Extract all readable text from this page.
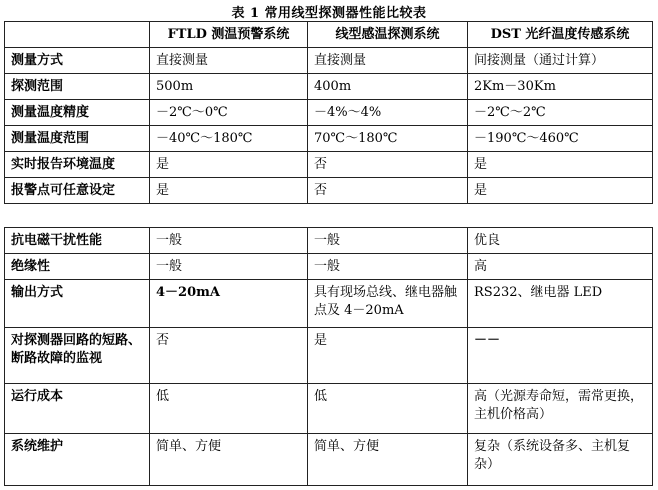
表 1 常用线型探测器性能比较表
	FTLD 测温预警系统	线型感温探测系统	DST 光纤温度传感系统
测量方式	直接测量	直接测量	间接测量（通过计算）
探测范围	500m	400m	2Km－30Km
测量温度精度	－2℃～0℃	－4%～4%	－2℃～2℃
测量温度范围	－40℃～180℃	70℃～180℃	－190℃～460℃
实时报告环境温度	是	否	是
报警点可任意设定	是	否	是
抗电磁干扰性能	一般	一般	优良
绝缘性	一般	一般	高
输出方式	4－20mA	具有现场总线、继电器触点及 4－20mA	RS232、继电器 LED
对探测器回路的短路、断路故障的监视	否	是	－－
运行成本	低	低	高（光源寿命短，需常更换，主机价格高）
系统维护	简单、方便	简单、方便	复杂（系统设备多、主机复杂）
